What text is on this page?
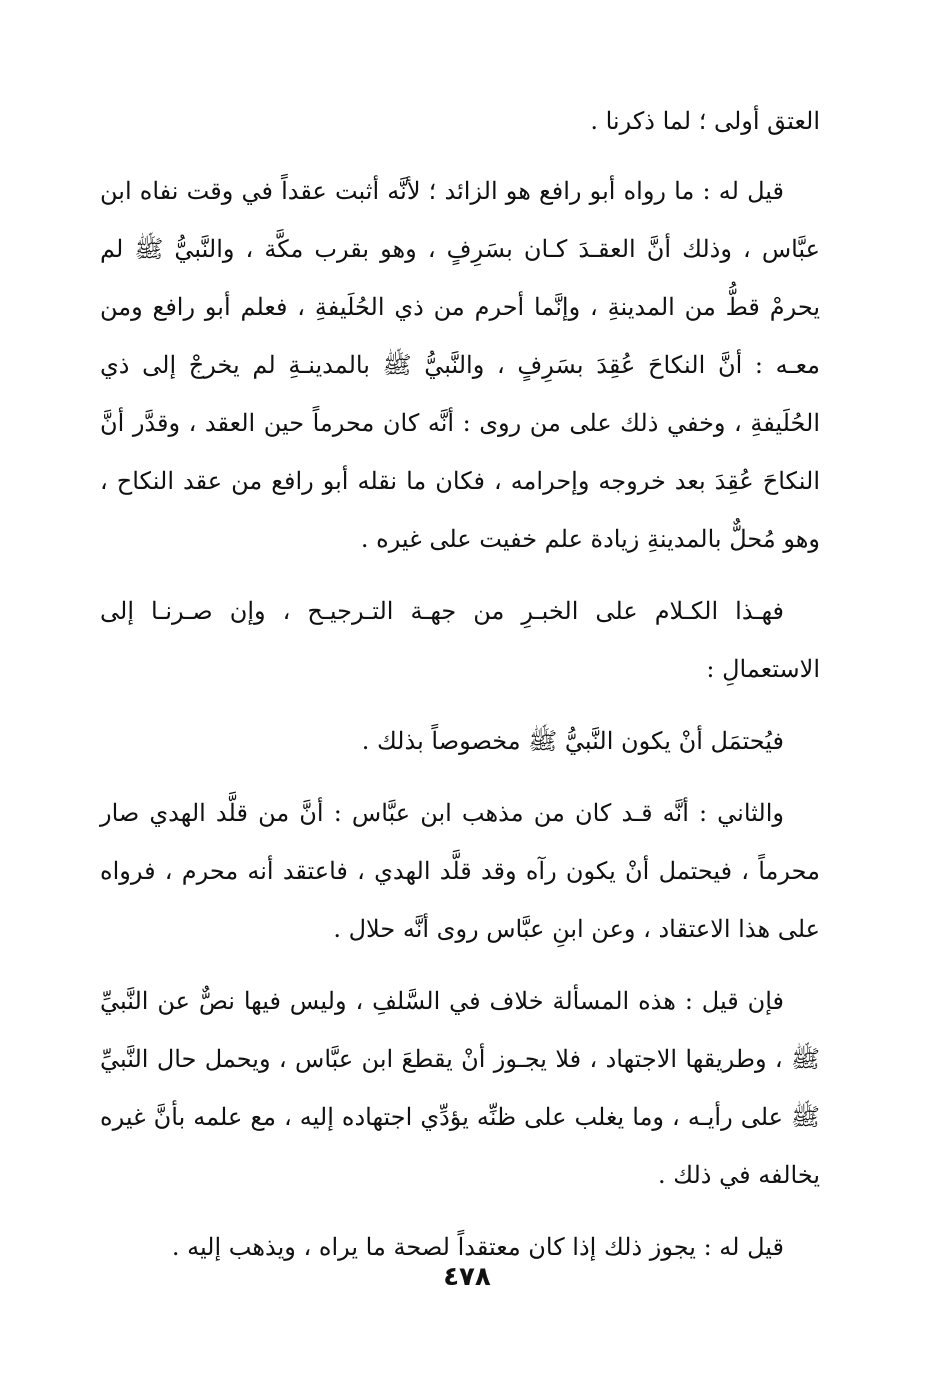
العتق أولى ؛ لما ذكرنا .

قيل له : ما رواه أبو رافع هو الزائد ؛ لأنَّه أثبت عقداً في وقت نفاه ابن عبَّاس ، وذلك أنَّ العقـدَ كـان بسَرِفٍ ، وهو بقرب مكَّة ، والنَّبيُّ ﷺ لم يحرمْ قطُّ من المدينةِ ، وإنَّما أحرم من ذي الحُلَيفةِ ، فعلم أبو رافع ومن معـه : أنَّ النكاحَ عُقِدَ بسَرِفٍ ، والنَّبيُّ ﷺ بالمدينـةِ لم يخرجْ إلى ذي الحُلَيفةِ ، وخفي ذلك على من روى : أنَّه كان محرماً حين العقد ، وقدَّر أنَّ النكاحَ عُقِدَ بعد خروجه وإحرامه ، فكان ما نقله أبو رافع من عقد النكاح ، وهو مُحلٌّ بالمدينةِ زيادة علم خفيت على غيره .

فهـذا الكـلام على الخبـرِ من جهـة التـرجيـح ، وإن صـرنـا إلى الاستعمالِ :

فيُحتمَل أنْ يكون النَّبيُّ ﷺ مخصوصاً بذلك .

والثاني : أنَّه قـد كان من مذهب ابن عبَّاس : أنَّ من قلَّد الهدي صار محرماً ، فيحتمل أنْ يكون رآه وقد قلَّد الهدي ، فاعتقد أنه محرم ، فرواه على هذا الاعتقاد ، وعن ابنِ عبَّاس روى أنَّه حلال .

فإن قيل : هذه المسألة خلاف في السَّلفِ ، وليس فيها نصٌّ عن النَّبيِّ ﷺ ، وطريقها الاجتهاد ، فلا يجـوز أنْ يقطعَ ابن عبَّاس ، ويحمل حال النَّبيِّ ﷺ على رأيـه ، وما يغلب على ظنِّه يؤدِّي اجتهاده إليه ، مع علمه بأنَّ غيره يخالفه في ذلك .

قيل له : يجوز ذلك إذا كان معتقداً لصحة ما يراه ، ويذهب إليه .

٤٧٨
